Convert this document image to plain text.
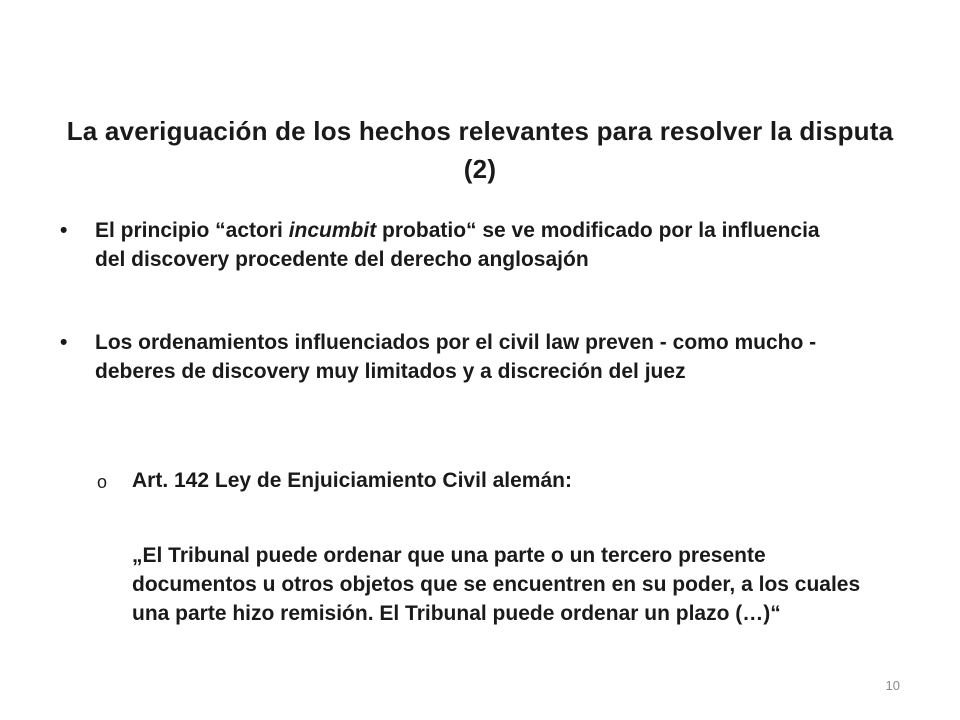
La averiguación de los hechos relevantes para resolver la disputa (2)
•	El principio “actori incumbit probatio“ se ve modificado por la influencia del discovery procedente del derecho anglosajón
•	Los ordenamientos influenciados por el civil law preven - como mucho -deberes de discovery muy limitados y a discreción del juez
o Art. 142 Ley de Enjuiciamiento Civil alemán:
„El Tribunal puede ordenar que una parte o un tercero presente documentos u otros objetos que se encuentren en su poder, a los cuales una parte hizo remisión. El Tribunal puede ordenar un plazo (…)“
10
